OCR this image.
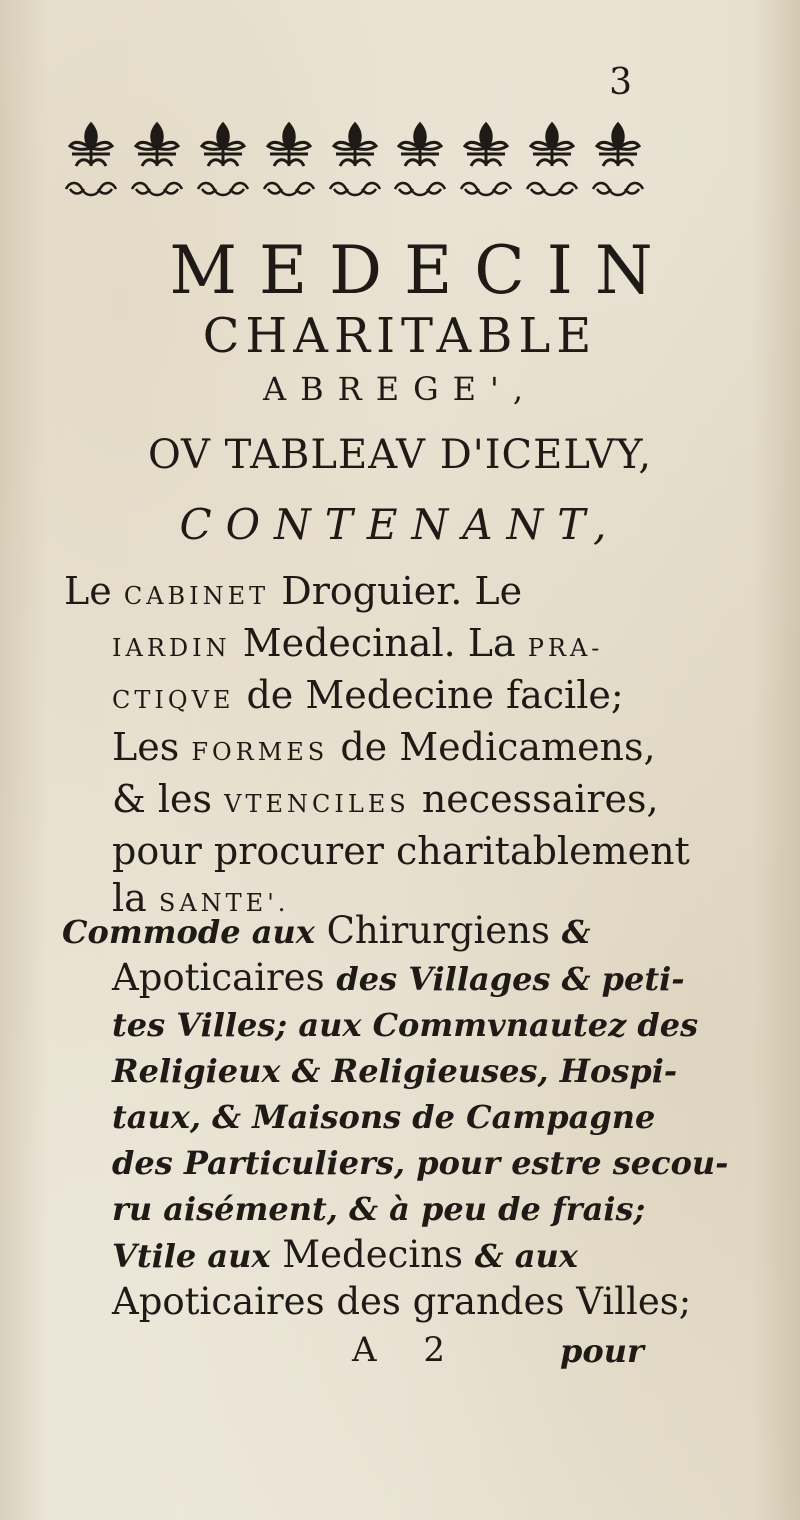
3
MEDECIN
CHARITABLE
ABREGE',
OV TABLEAV D'ICELVY,
CONTENANT,
Le CABINET Droguier. Le
IARDIN Medecinal. La PRA-
CTIQVE de Medecine facile;
Les FORMES de Medicamens,
& les VTENCILES necessaires,
pour procurer charitablement
la SANTE'.
Commode aux Chirurgiens &
Apoticaires des Villages & peti-
tes Villes; aux Commvnautez des
Religieux & Religieuses, Hospi-
taux, & Maisons de Campagne
des Particuliers, pour estre secou-
ru aisément, & à peu de frais;
Vtile aux Medecins & aux
Apoticaires des grandes Villes;
A 2	pour
